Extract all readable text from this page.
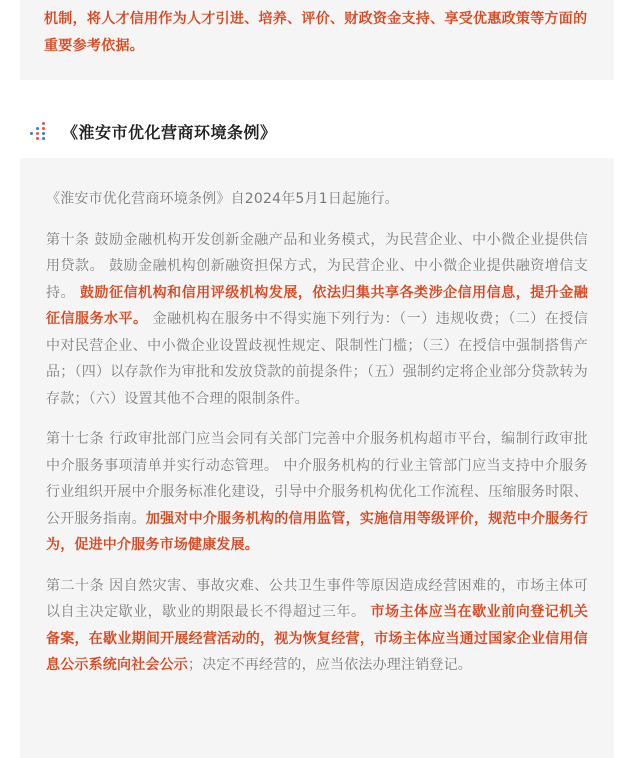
机制，将人才信用作为人才引进、培养、评价、财政资金支持、享受优惠政策等方面的重要参考依据。

《淮安市优化营商环境条例》

《淮安市优化营商环境条例》自2024年5月1日起施行。

第十条 鼓励金融机构开发创新金融产品和业务模式，为民营企业、中小微企业提供信用贷款。 鼓励金融机构创新融资担保方式，为民营企业、中小微企业提供融资增信支持。 鼓励征信机构和信用评级机构发展，依法归集共享各类涉企信用信息，提升金融征信服务水平。 金融机构在服务中不得实施下列行为：（一）违规收费；（二）在授信中对民营企业、中小微企业设置歧视性规定、限制性门槛；（三）在授信中强制搭售产品；（四）以存款作为审批和发放贷款的前提条件；（五）强制约定将企业部分贷款转为存款；（六）设置其他不合理的限制条件。

第十七条 行政审批部门应当会同有关部门完善中介服务机构超市平台，编制行政审批中介服务事项清单并实行动态管理。 中介服务机构的行业主管部门应当支持中介服务行业组织开展中介服务标准化建设，引导中介服务机构优化工作流程、压缩服务时限、公开服务指南。加强对中介服务机构的信用监管，实施信用等级评价，规范中介服务行为，促进中介服务市场健康发展。

第二十条 因自然灾害、事故灾难、公共卫生事件等原因造成经营困难的，市场主体可以自主决定歇业，歇业的期限最长不得超过三年。 市场主体应当在歇业前向登记机关备案，在歇业期间开展经营活动的，视为恢复经营，市场主体应当通过国家企业信用信息公示系统向社会公示；决定不再经营的，应当依法办理注销登记。
